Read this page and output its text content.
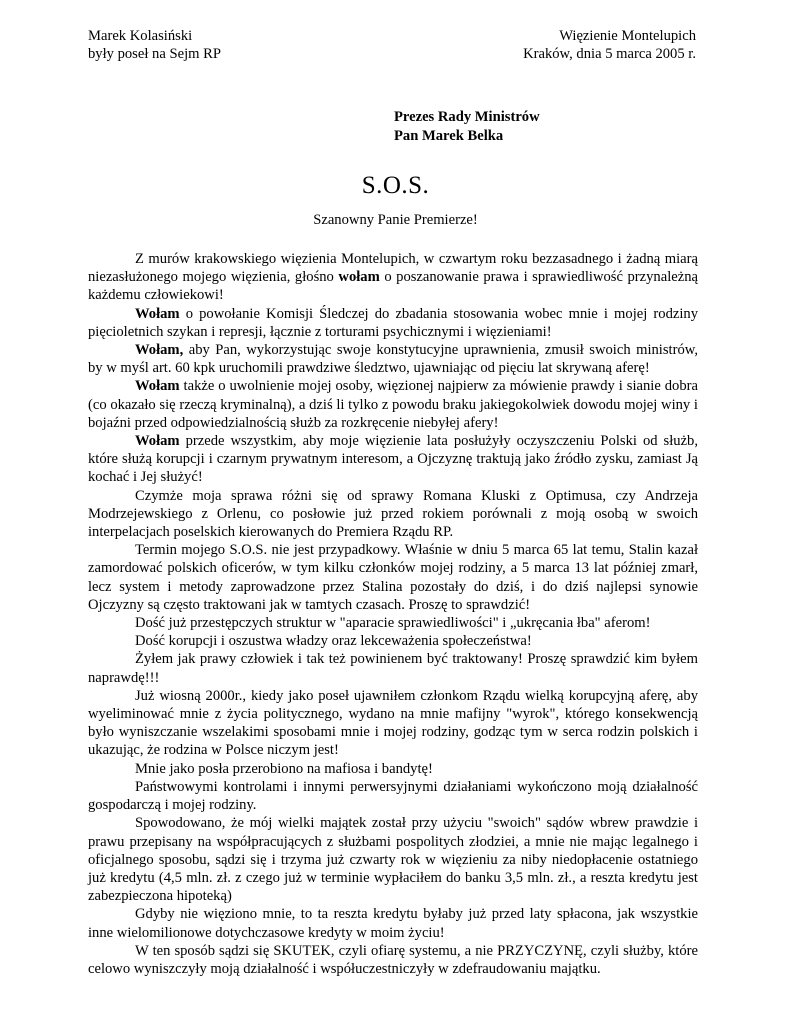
Marek Kolasiński
były poseł na Sejm RP
Więzienie Montelupich
Kraków, dnia 5 marca 2005 r.
Prezes Rady Ministrów
Pan Marek Belka
S.O.S.
Szanowny Panie Premierze!

Z murów krakowskiego więzienia Montelupich, w czwartym roku bezzasadnego i żadną miarą niezasłużonego mojego więzienia, głośno wołam o poszanowanie prawa i sprawiedliwość przynależną każdemu człowiekowi!

Wołam o powołanie Komisji Śledczej do zbadania stosowania wobec mnie i mojej rodziny pięcioletnich szykan i represji, łącznie z torturami psychicznymi i więzieniami!

Wołam, aby Pan, wykorzystując swoje konstytucyjne uprawnienia, zmusił swoich ministrów, by w myśl art. 60 kpk uruchomili prawdziwe śledztwo, ujawniając od pięciu lat skrywaną aferę!

Wołam także o uwolnienie mojej osoby, więzionej najpierw za mówienie prawdy i sianie dobra (co okazało się rzeczą kryminalną), a dziś li tylko z powodu braku jakiegokolwiek dowodu mojej winy i bojaźni przed odpowiedzialnością służb za rozkręcenie niebyłej afery!

Wołam przede wszystkim, aby moje więzienie lata posłużyły oczyszczeniu Polski od służb, które służą korupcji i czarnym prywatnym interesom, a Ojczyznę traktują jako źródło zysku, zamiast Ją kochać i Jej służyć!

Czymże moja sprawa różni się od sprawy Romana Kluski z Optimusa, czy Andrzeja Modrzejewskiego z Orlenu, co posłowie już przed rokiem porównali z moją osobą w swoich interpelacjach poselskich kierowanych do Premiera Rządu RP.

Termin mojego S.O.S. nie jest przypadkowy. Właśnie w dniu 5 marca 65 lat temu, Stalin kazał zamordować polskich oficerów, w tym kilku członków mojej rodziny, a 5 marca 13 lat później zmarł, lecz system i metody zaprowadzone przez Stalina pozostały do dziś, i do dziś najlepsi synowie Ojczyzny są często traktowani jak w tamtych czasach. Proszę to sprawdzić!

Dość już przestępczych struktur w "aparacie sprawiedliwości" i „ukręcania łba" aferom!

Dość korupcji i oszustwa władzy oraz lekceważenia społeczeństwa!

Żyłem jak prawy człowiek i tak też powinienem być traktowany! Proszę sprawdzić kim byłem naprawdę!!!

Już wiosną 2000r., kiedy jako poseł ujawniłem członkom Rządu wielką korupcyjną aferę, aby wyeliminować mnie z życia politycznego, wydano na mnie mafijny "wyrok", którego konsekwencją było wyniszczanie wszelakimi sposobami mnie i mojej rodziny, godząc tym w serca rodzin polskich i ukazując, że rodzina w Polsce niczym jest!

Mnie jako posła przerobiono na mafiosa i bandytę!

Państwowymi kontrolami i innymi perwersyjnymi działaniami wykończono moją działalność gospodarczą i mojej rodziny.

Spowodowano, że mój wielki majątek został przy użyciu "swoich" sądów wbrew prawdzie i prawu przepisany na współpracujących z służbami pospolitych złodziei, a mnie nie mając legalnego i oficjalnego sposobu, sądzi się i trzyma już czwarty rok w więzieniu za niby niedopłacenie ostatniego już kredytu (4,5 mln. zł. z czego już w terminie wypłaciłem do banku 3,5 mln. zł., a reszta kredytu jest zabezpieczona hipoteką)

Gdyby nie więziono mnie, to ta reszta kredytu byłaby już przed laty spłacona, jak wszystkie inne wielomilionowe dotychczasowe kredyty w moim życiu!

W ten sposób sądzi się SKUTEK, czyli ofiarę systemu, a nie PRZYCZYNĘ, czyli służby, które celowo wyniszczyły moją działalność i współuczestniczyły w zdefraudowaniu majątku.
